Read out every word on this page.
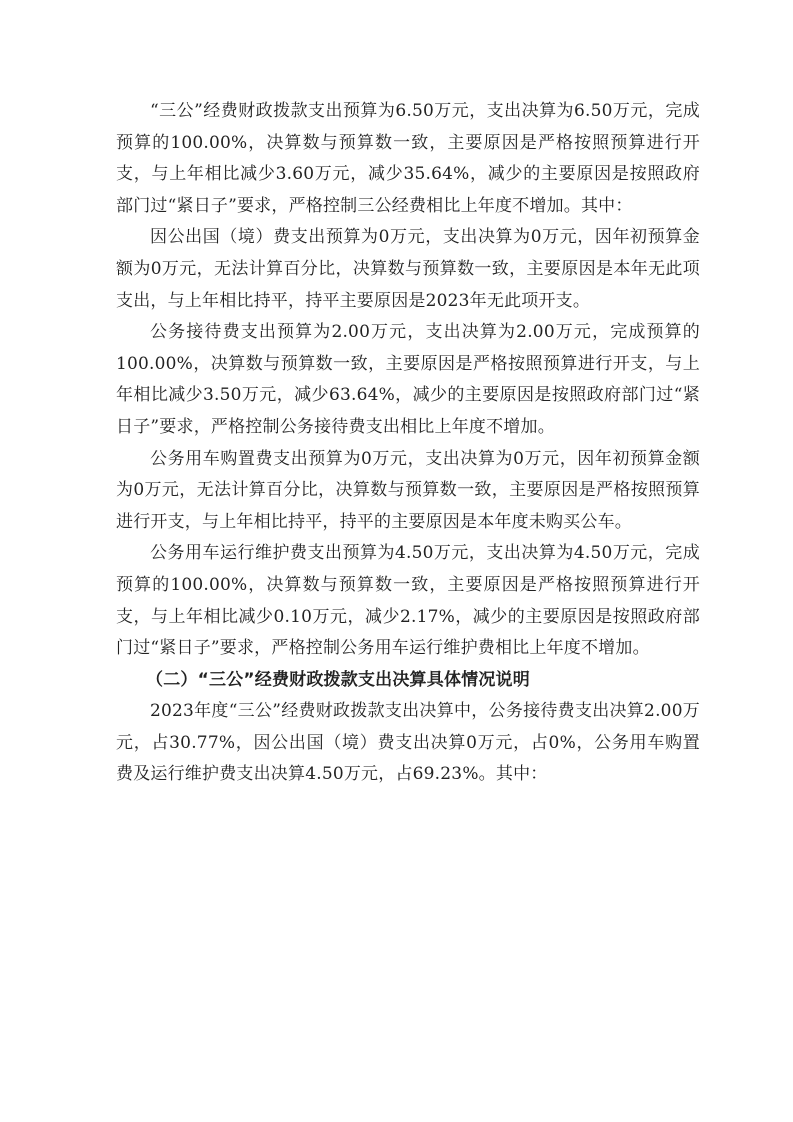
“三公”经费财政拨款支出预算为6.50万元，支出决算为6.50万元，完成预算的100.00%，决算数与预算数一致，主要原因是严格按照预算进行开支，与上年相比减少3.60万元，减少35.64%，减少的主要原因是按照政府部门过“紧日子”要求，严格控制三公经费相比上年度不增加。其中：

因公出国（境）费支出预算为0万元，支出决算为0万元，因年初预算金额为0万元，无法计算百分比，决算数与预算数一致，主要原因是本年无此项支出，与上年相比持平，持平主要原因是2023年无此项开支。

公务接待费支出预算为2.00万元，支出决算为2.00万元，完成预算的100.00%，决算数与预算数一致，主要原因是严格按照预算进行开支，与上年相比减少3.50万元，减少63.64%，减少的主要原因是按照政府部门过“紧日子”要求，严格控制公务接待费支出相比上年度不增加。

公务用车购置费支出预算为0万元，支出决算为0万元，因年初预算金额为0万元，无法计算百分比，决算数与预算数一致，主要原因是严格按照预算进行开支，与上年相比持平，持平的主要原因是本年度未购买公车。

公务用车运行维护费支出预算为4.50万元，支出决算为4.50万元，完成预算的100.00%，决算数与预算数一致，主要原因是严格按照预算进行开支，与上年相比减少0.10万元，减少2.17%，减少的主要原因是按照政府部门过“紧日子”要求，严格控制公务用车运行维护费相比上年度不增加。

（二）“三公”经费财政拨款支出决算具体情况说明

2023年度“三公”经费财政拨款支出决算中，公务接待费支出决算2.00万元，占30.77%，因公出国（境）费支出决算0万元，占0%，公务用车购置费及运行维护费支出决算4.50万元，占69.23%。其中：
